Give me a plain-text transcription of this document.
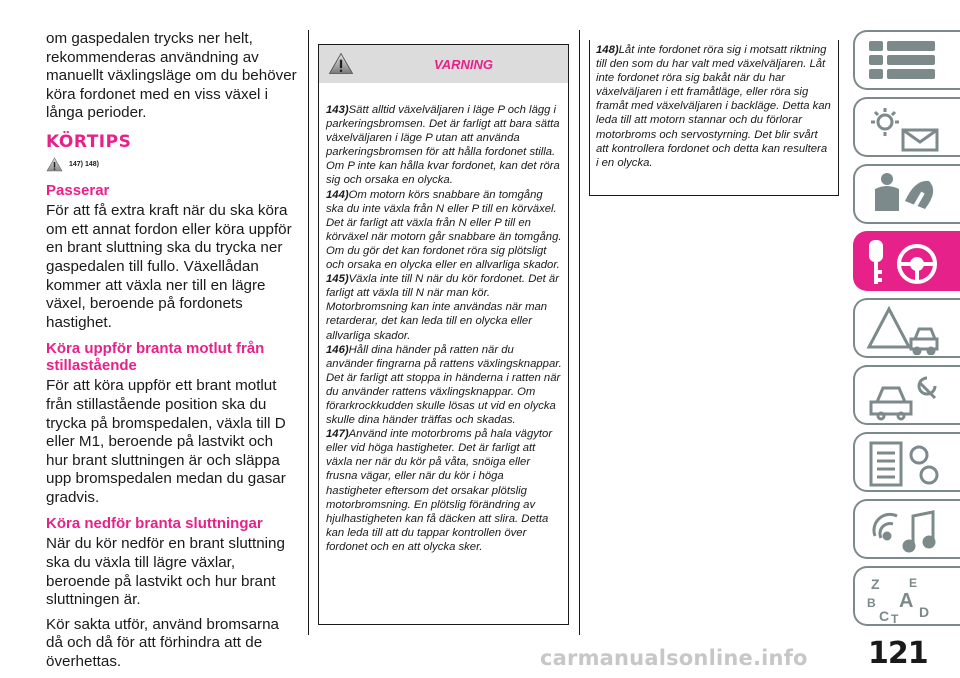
om gaspedalen trycks ner helt, rekommenderas användning av manuellt växlingsläge om du behöver köra fordonet med en viss växel i långa perioder.

KÖRTIPS
147) 148)
Passerar

För att få extra kraft när du ska köra om ett annat fordon eller köra uppför en brant sluttning ska du trycka ner gaspedalen till fullo. Växellådan kommer att växla ner till en lägre växel, beroende på fordonets hastighet.

Köra uppför branta motlut från stillastående

För att köra uppför ett brant motlut från stillastående position ska du trycka på bromspedalen, växla till D eller M1, beroende på lastvikt och hur brant sluttningen är och släppa upp bromspedalen medan du gasar gradvis.

Köra nedför branta sluttningar

När du kör nedför en brant sluttning ska du växla till lägre växlar, beroende på lastvikt och hur brant sluttningen är.

Kör sakta utför, använd bromsarna då och då för att förhindra att de överhettas.

VARNING
143)Sätt alltid växelväljaren i läge P och lägg i parkeringsbromsen. Det är farligt att bara sätta växelväljaren i läge P utan att använda parkeringsbromsen för att hålla fordonet stilla. Om P inte kan hålla kvar fordonet, kan det röra sig och orsaka en olycka.
144)Om motorn körs snabbare än tomgång ska du inte växla från N eller P till en körväxel. Det är farligt att växla från N eller P till en körväxel när motorn går snabbare än tomgång. Om du gör det kan fordonet röra sig plötsligt och orsaka en olycka eller en allvarliga skador.
145)Växla inte till N när du kör fordonet. Det är farligt att växla till N när man kör. Motorbromsning kan inte användas när man retarderar, det kan leda till en olycka eller allvarliga skador.
146)Håll dina händer på ratten när du använder fingrarna på rattens växlingsknappar. Det är farligt att stoppa in händerna i ratten när du använder rattens växlingsknappar. Om förarkrockkudden skulle lösas ut vid en olycka skulle dina händer träffas och skadas.
147)Använd inte motorbroms på hala vägytor eller vid höga hastigheter. Det är farligt att växla ner när du kör på våta, snöiga eller frusna vägar, eller när du kör i höga hastigheter eftersom det orsakar plötslig motorbromsning. En plötslig förändring av hjulhastigheten kan få däcken att slira. Detta kan leda till att du tappar kontrollen över fordonet och en att olycka sker.
148)Låt inte fordonet röra sig i motsatt riktning till den som du har valt med växelväljaren. Låt inte fordonet röra sig bakåt när du har växelväljaren i ett framåtläge, eller röra sig framåt med växelväljaren i backläge. Detta kan leda till att motorn stannar och du förlorar motorbroms och servostyrning. Det blir svårt att kontrollera fordonet och detta kan resultera i en olycka.
Z E
B A
C T D
121
carmanualsonline.info
